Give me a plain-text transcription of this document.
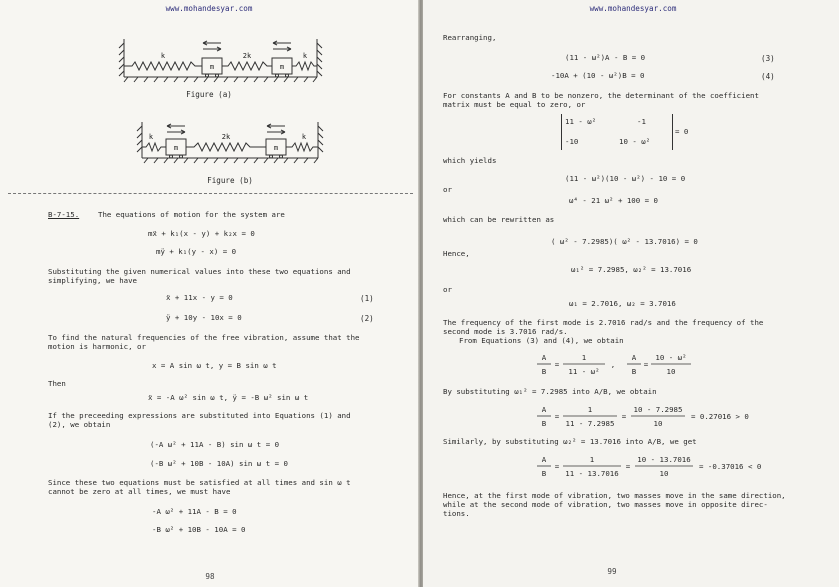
www.mohandesyar.com
k	2k	k
m	m
Figure (a)
k	2k	k
m	m
Figure (b)
B-7-15.	The equations of motion for the system are
mẍ + k₁(x - y) + k₂x = 0
mÿ + k₁(y - x) = 0
Substituting the given numerical values into these two equations and
simplifying, we have
ẍ + 11x - y = 0	(1)
ÿ + 10y - 10x = 0	(2)
To find the natural frequencies of the free vibration, assume that the
motion is harmonic, or
x = A sin ω t, y = B sin ω t
Then
ẍ = -A ω² sin ω t, ÿ = -B ω² sin ω t
If the preceeding expressions are substituted into Equations (1) and
(2), we obtain
(-A ω² + 11A - B) sin ω t = 0
(-B ω² + 10B - 10A) sin ω t = 0
Since these two equations must be satisfied at all times and sin ω t
cannot be zero at all times, we must have
-A ω² + 11A - B = 0
-B ω² + 10B - 10A = 0
98
www.mohandesyar.com
Rearranging,
(11 - ω²)A - B = 0	(3)
-10A + (10 - ω²)B = 0	(4)
For constants A and B to be nonzero, the determinant of the coefficient
matrix must be equal to zero, or
11 - ω²	-1
-10	10 - ω²
= 0
which yields
(11 - ω²)(10 - ω²) - 10 = 0
or
ω⁴ - 21 ω² + 100 = 0
which can be rewritten as
( ω² - 7.2985)( ω² - 13.7016) = 0
Hence,
ω₁² = 7.2985, ω₂² = 13.7016
or
ω₁ = 2.7016, ω₂ = 3.7016
The frequency of the first mode is 2.7016 rad/s and the frequency of the
second mode is 3.7016 rad/s.
From Equations (3) and (4), we obtain
A
B
=
1
11 - ω²
,
A
B
=
10 - ω²
10
By substituting ω₁² = 7.2985 into A/B, we obtain
A
B
=
1
11 - 7.2985
=
10 - 7.2985
10
= 0.27016 > 0
Similarly, by substituting ω₂² = 13.7016 into A/B, we get
A
B
=
1
11 - 13.7016
=
10 - 13.7016
10
= -0.37016 < 0
Hence, at the first mode of vibration, two masses move in the same direction,
while at the second mode of vibration, two masses move in opposite direc-
tions.
99
